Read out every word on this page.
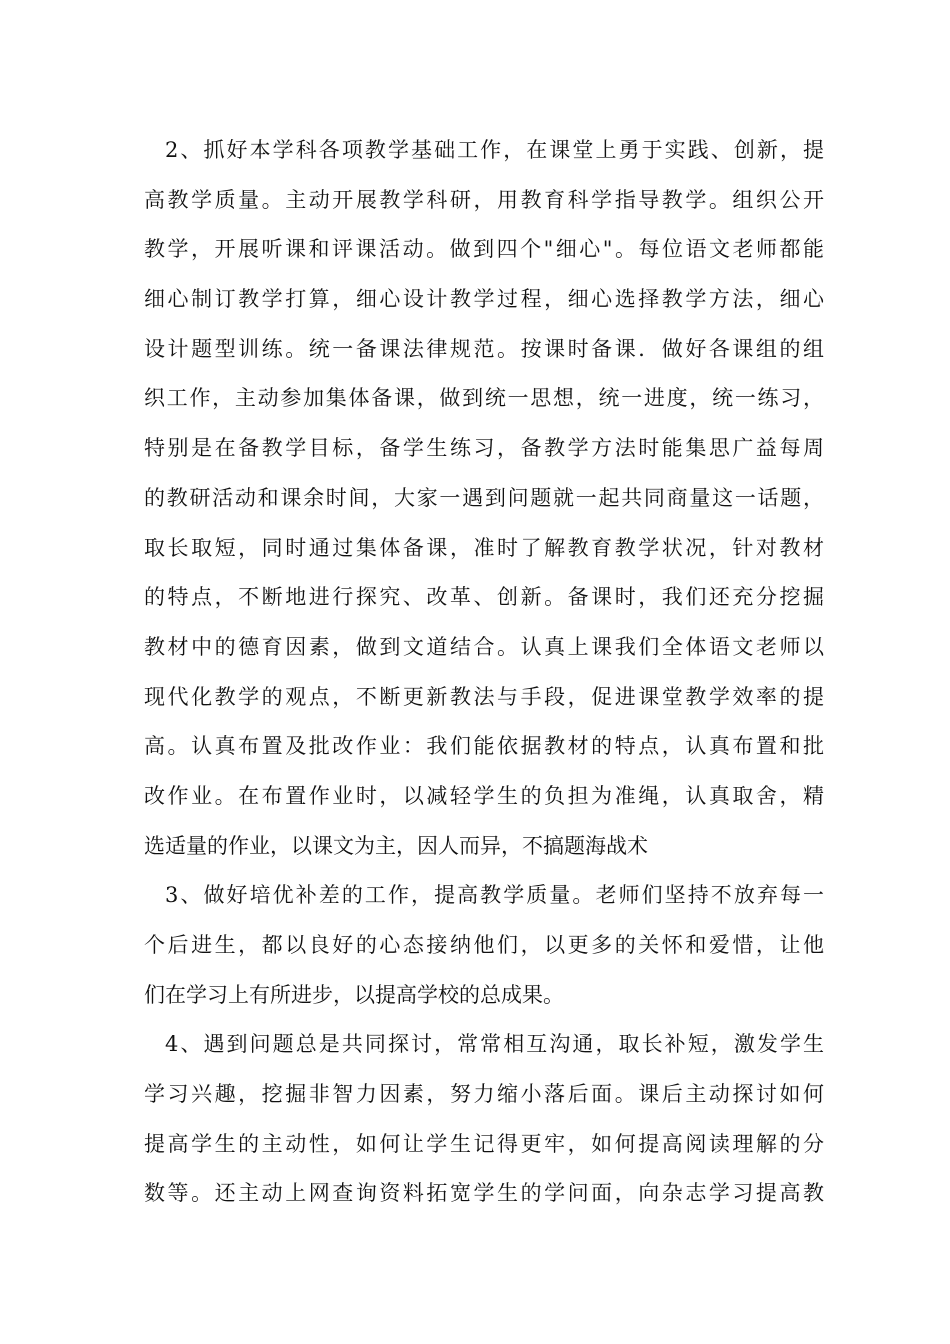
2、抓好本学科各项教学基础工作，在课堂上勇于实践、创新，提
高教学质量。主动开展教学科研，用教育科学指导教学。组织公开
教学，开展听课和评课活动。做到四个"细心"。每位语文老师都能
细心制订教学打算，细心设计教学过程，细心选择教学方法，细心
设计题型训练。统一备课法律规范。按课时备课．做好各课组的组
织工作，主动参加集体备课，做到统一思想，统一进度，统一练习，
特别是在备教学目标，备学生练习，备教学方法时能集思广益每周
的教研活动和课余时间，大家一遇到问题就一起共同商量这一话题，
取长取短，同时通过集体备课，准时了解教育教学状况，针对教材
的特点，不断地进行探究、改革、创新。备课时，我们还充分挖掘
教材中的德育因素，做到文道结合。认真上课我们全体语文老师以
现代化教学的观点，不断更新教法与手段，促进课堂教学效率的提
高。认真布置及批改作业：我们能依据教材的特点，认真布置和批
改作业。在布置作业时，以减轻学生的负担为准绳，认真取舍，精
选适量的作业，以课文为主，因人而异，不搞题海战术
3、做好培优补差的工作，提高教学质量。老师们坚持不放弃每一
个后进生，都以良好的心态接纳他们，以更多的关怀和爱惜，让他
们在学习上有所进步，以提高学校的总成果。
4、遇到问题总是共同探讨，常常相互沟通，取长补短，激发学生
学习兴趣，挖掘非智力因素，努力缩小落后面。课后主动探讨如何
提高学生的主动性，如何让学生记得更牢，如何提高阅读理解的分
数等。还主动上网查询资料拓宽学生的学问面，向杂志学习提高教
